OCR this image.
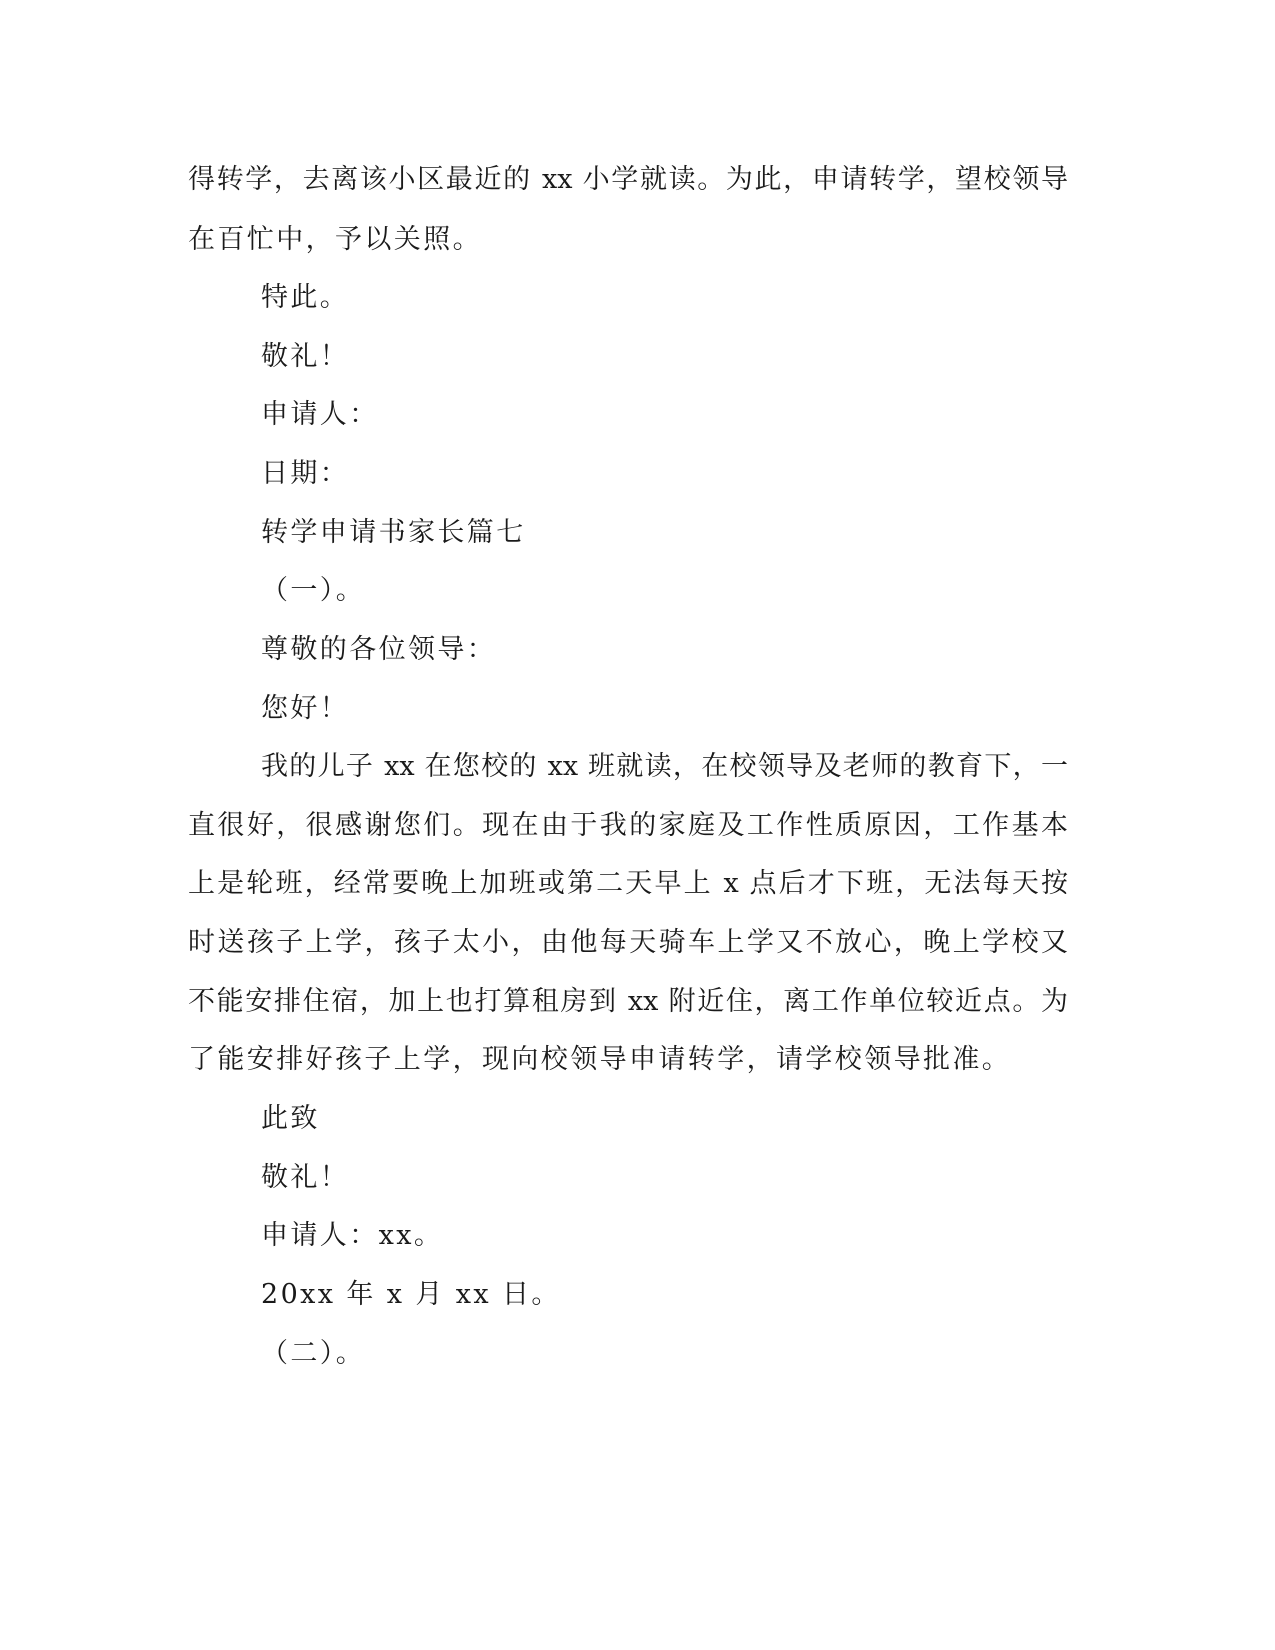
得转学，去离该小区最近的 xx 小学就读。为此，申请转学，望校领导
在百忙中，予以关照。
特此。
敬礼！
申请人：
日期：
转学申请书家长篇七
（一）。
尊敬的各位领导：
您好！
我的儿子 xx 在您校的 xx 班就读，在校领导及老师的教育下，一
直很好，很感谢您们。现在由于我的家庭及工作性质原因，工作基本
上是轮班，经常要晚上加班或第二天早上 x 点后才下班，无法每天按
时送孩子上学，孩子太小，由他每天骑车上学又不放心，晚上学校又
不能安排住宿，加上也打算租房到 xx 附近住，离工作单位较近点。为
了能安排好孩子上学，现向校领导申请转学，请学校领导批准。
此致
敬礼！
申请人：xx。
20xx 年 x 月 xx 日。
（二）。
